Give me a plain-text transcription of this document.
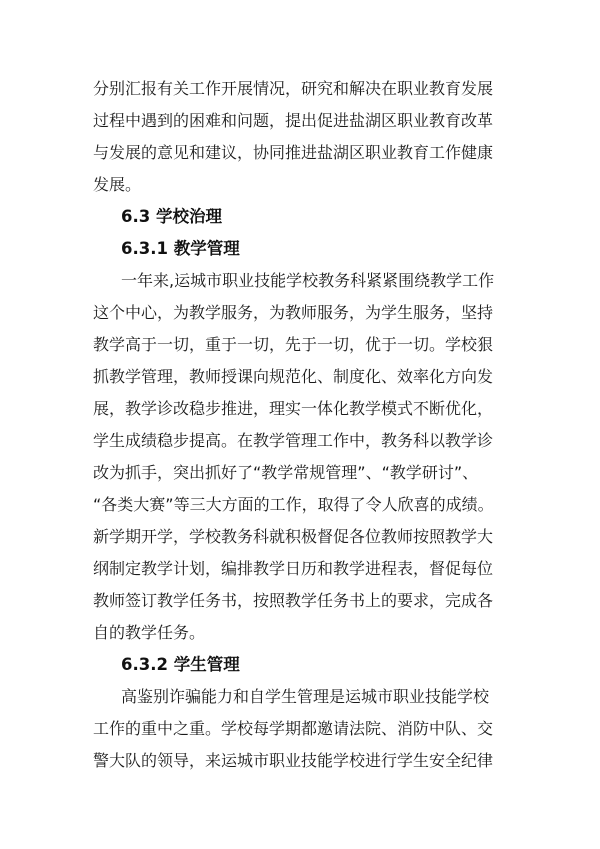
分别汇报有关工作开展情况，研究和解决在职业教育发展
过程中遇到的困难和问题，提出促进盐湖区职业教育改革
与发展的意见和建议，协同推进盐湖区职业教育工作健康
发展。
6.3 学校治理
6.3.1 教学管理
一年来,运城市职业技能学校教务科紧紧围绕教学工作
这个中心，为教学服务，为教师服务，为学生服务，坚持
教学高于一切，重于一切，先于一切，优于一切。学校狠
抓教学管理，教师授课向规范化、制度化、效率化方向发
展，教学诊改稳步推进，理实一体化教学模式不断优化，
学生成绩稳步提高。在教学管理工作中，教务科以教学诊
改为抓手，突出抓好了“教学常规管理”、“教学研讨”、
“各类大赛”等三大方面的工作，取得了令人欣喜的成绩。
新学期开学，学校教务科就积极督促各位教师按照教学大
纲制定教学计划，编排教学日历和教学进程表，督促每位
教师签订教学任务书，按照教学任务书上的要求，完成各
自的教学任务。
6.3.2 学生管理
高鉴别诈骗能力和自学生管理是运城市职业技能学校
工作的重中之重。学校每学期都邀请法院、消防中队、交
警大队的领导，来运城市职业技能学校进行学生安全纪律
